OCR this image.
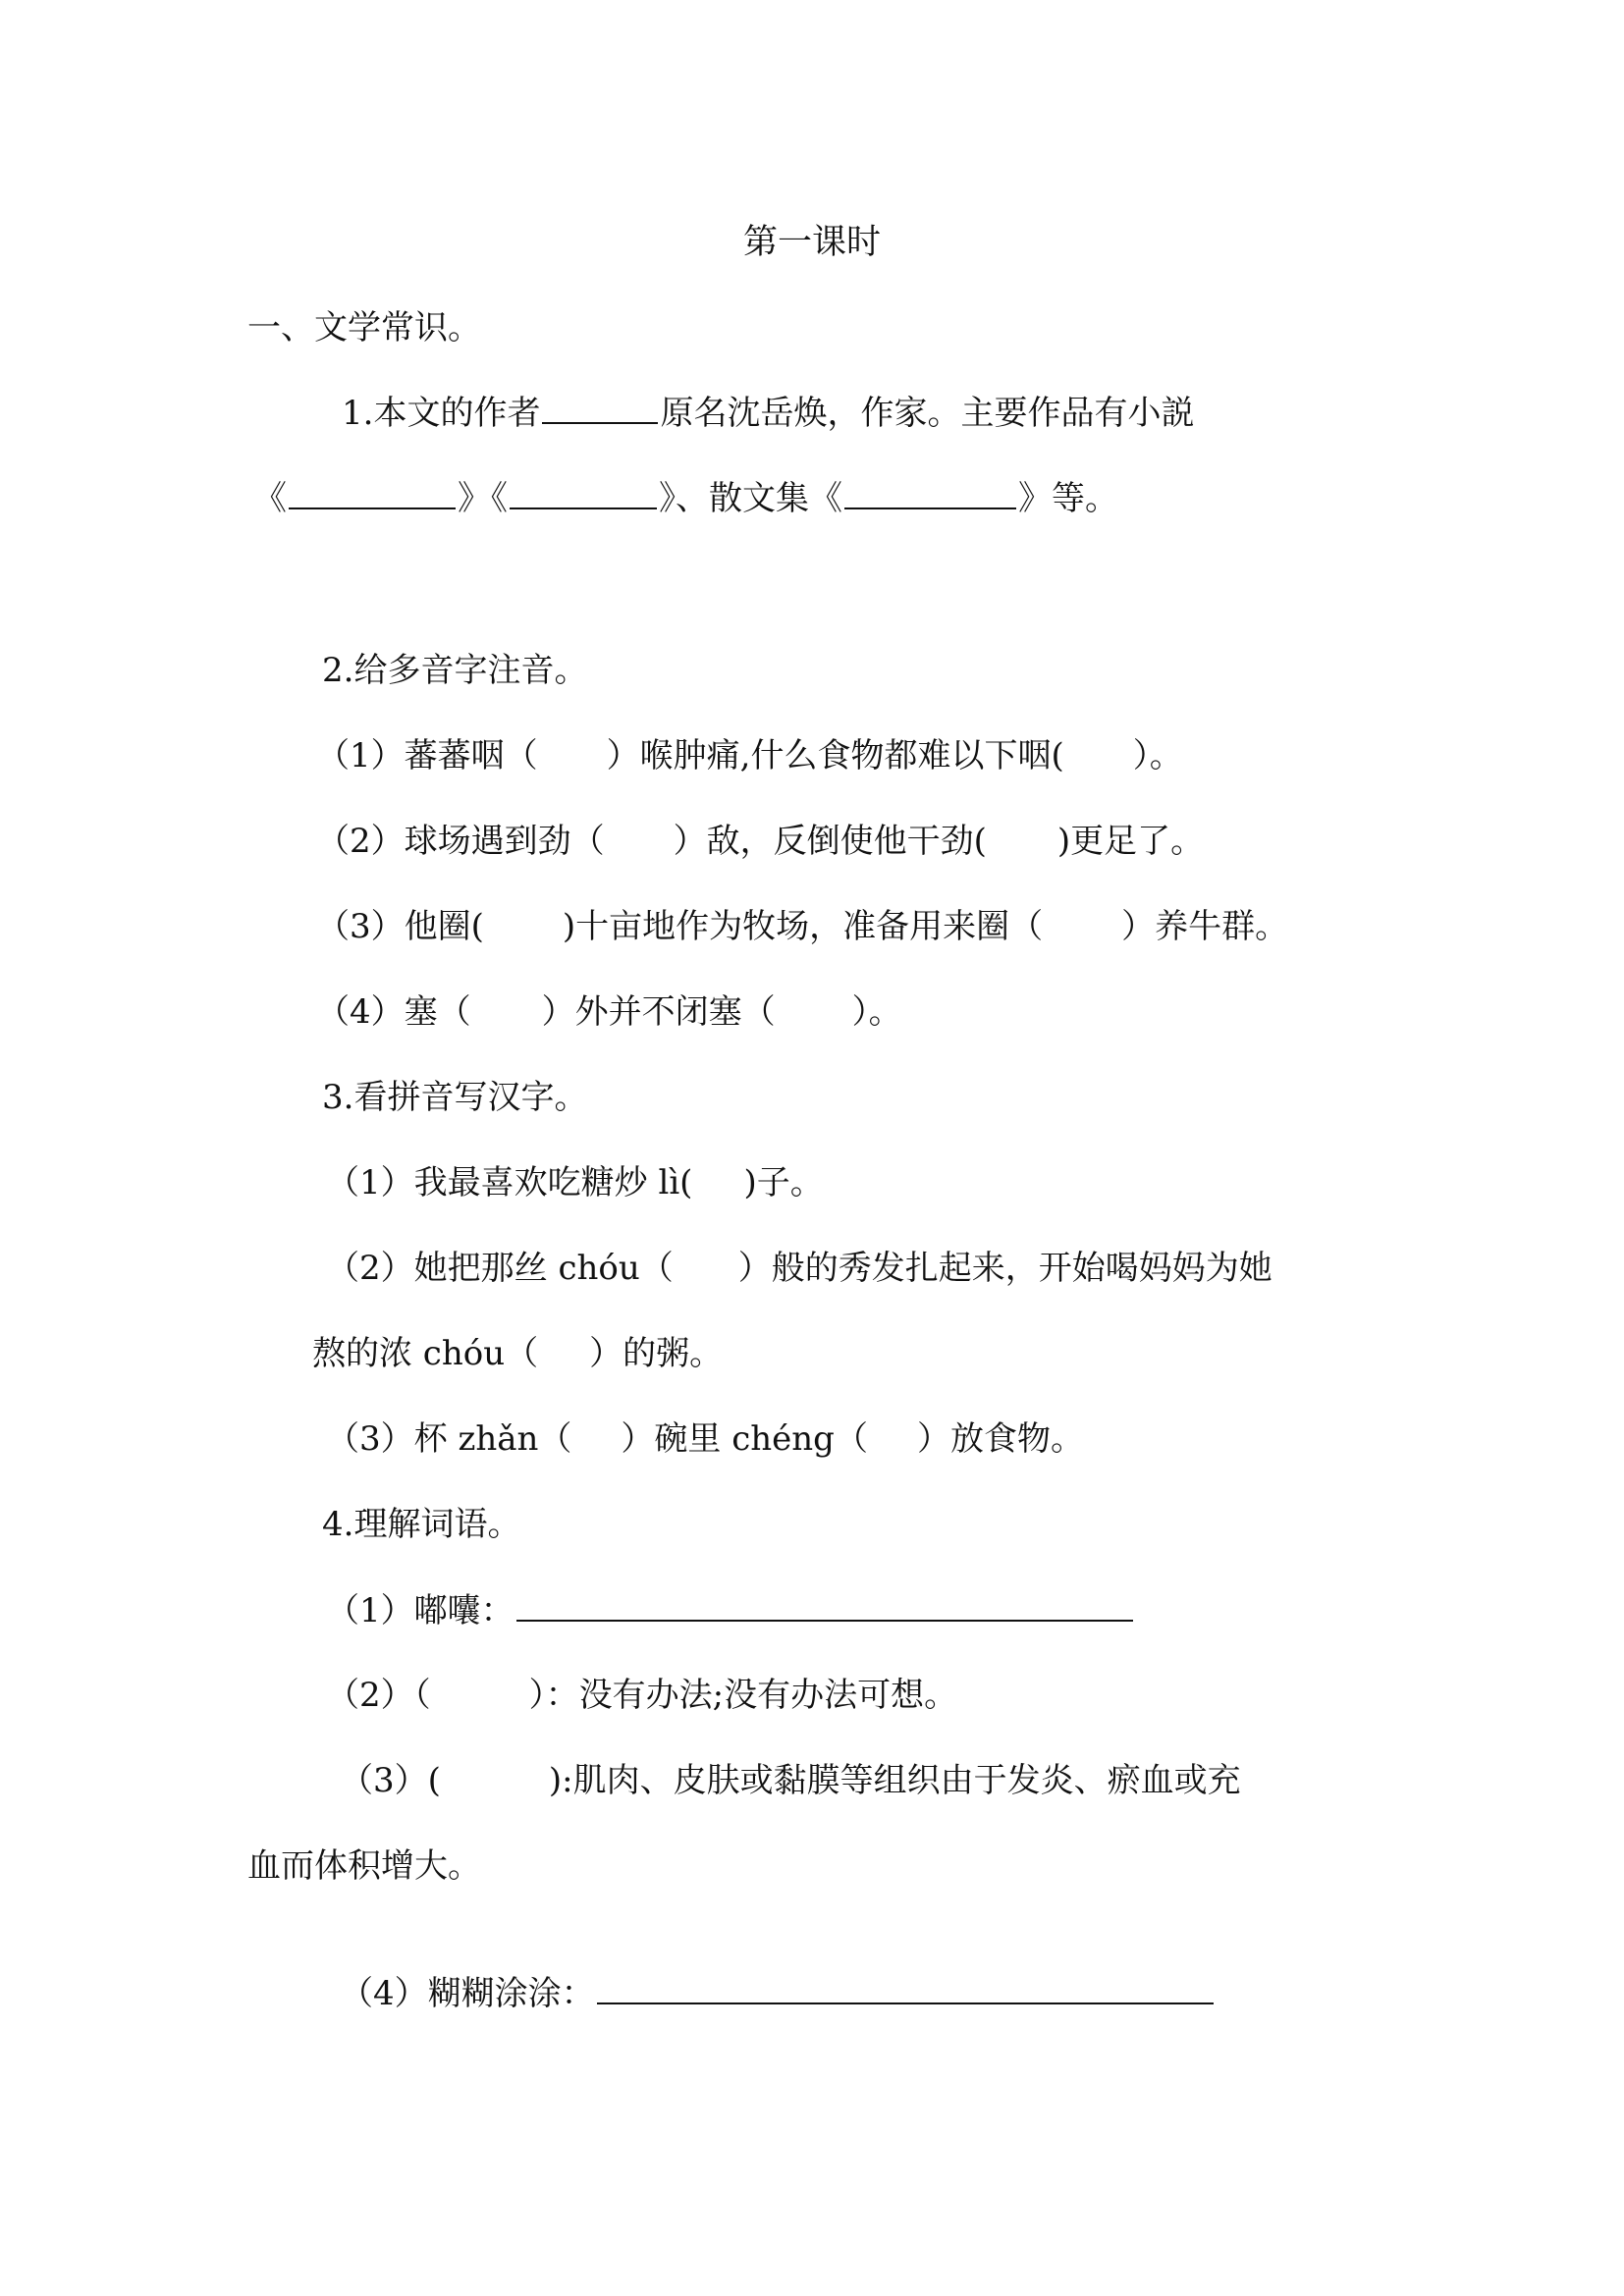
第一课时
一、文学常识。
1.本文的作者	原名沈岳焕，作家。主要作品有小説
《	》《	》、散文集《	》等。
2.给多音字注音。
（1）蕃蕃咽（ ）喉肿痛,什么食物都难以下咽( ）。
（2）球场遇到劲（ ）敌，反倒使他干劲( )更足了。
（3）他圈( )十亩地作为牧场，准备用来圈（ ）养牛群。
（4）塞（ ）外并不闭塞（ ）。
3.看拼音写汉字。
（1）我最喜欢吃糖炒 lì( )子。
（2）她把那丝 chóu（ ）般的秀发扎起来，开始喝妈妈为她
熬的浓 chóu（ ）的粥。
（3）杯 zhǎn（ ）碗里 chéng（ ）放食物。
4.理解词语。
（1）嘟囔：
（2）（	）：没有办法;没有办法可想。
（3）(	):肌肉、皮肤或黏膜等组织由于发炎、瘀血或充
血而体积增大。
（4）糊糊涂涂：
